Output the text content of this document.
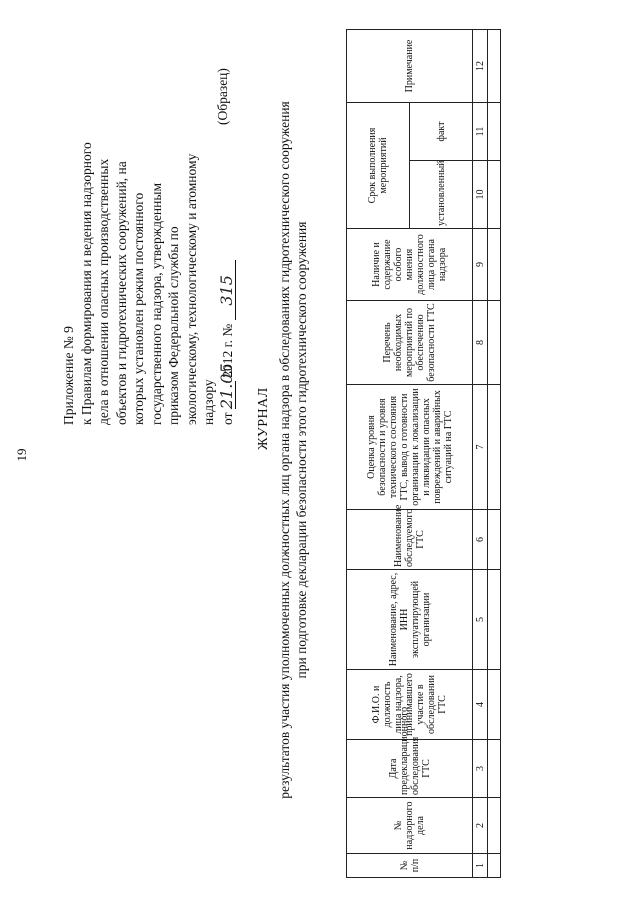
19
Приложение № 9 к Правилам формирования и ведения надзорного дела в отношении опасных производственных объектов и гидротехнических сооружений, на которых установлен режим постоянного государственного надзора, утвержденным приказом Федеральной службы по экологическому, технологическому и атомному надзору от 21.05 2012 г. № 315
(Образец)
ЖУРНАЛ результатов участия уполномоченных должностных лиц органа надзора в обследованиях гидротехнического сооружения при подготовке декларации безопасности этого гидротехнического сооружения
№ п/п	№ надзорного дела	Дата предекларационного обследования ГТС	Ф.И.О. и должность лица надзора, принимавшего участие в обследовании ГТС	Наименование, адрес, ИНН эксплуатирующей организации	Наименование обследуемого ГТС	Оценка уровня безопасности и уровня технического состояния ГТС, вывод о готовности организации к локализации и ликвидации опасных повреждений и аварийных ситуаций на ГТС	Перечень необходимых мероприятий по обеспечению безопасности ГТС	Наличие и содержание особого мнения должностного лица органа надзора	Срок выполнения мероприятий		Примечание
									установленный	факт	
1	2	3	4	5	6	7	8	9	10	11	12
